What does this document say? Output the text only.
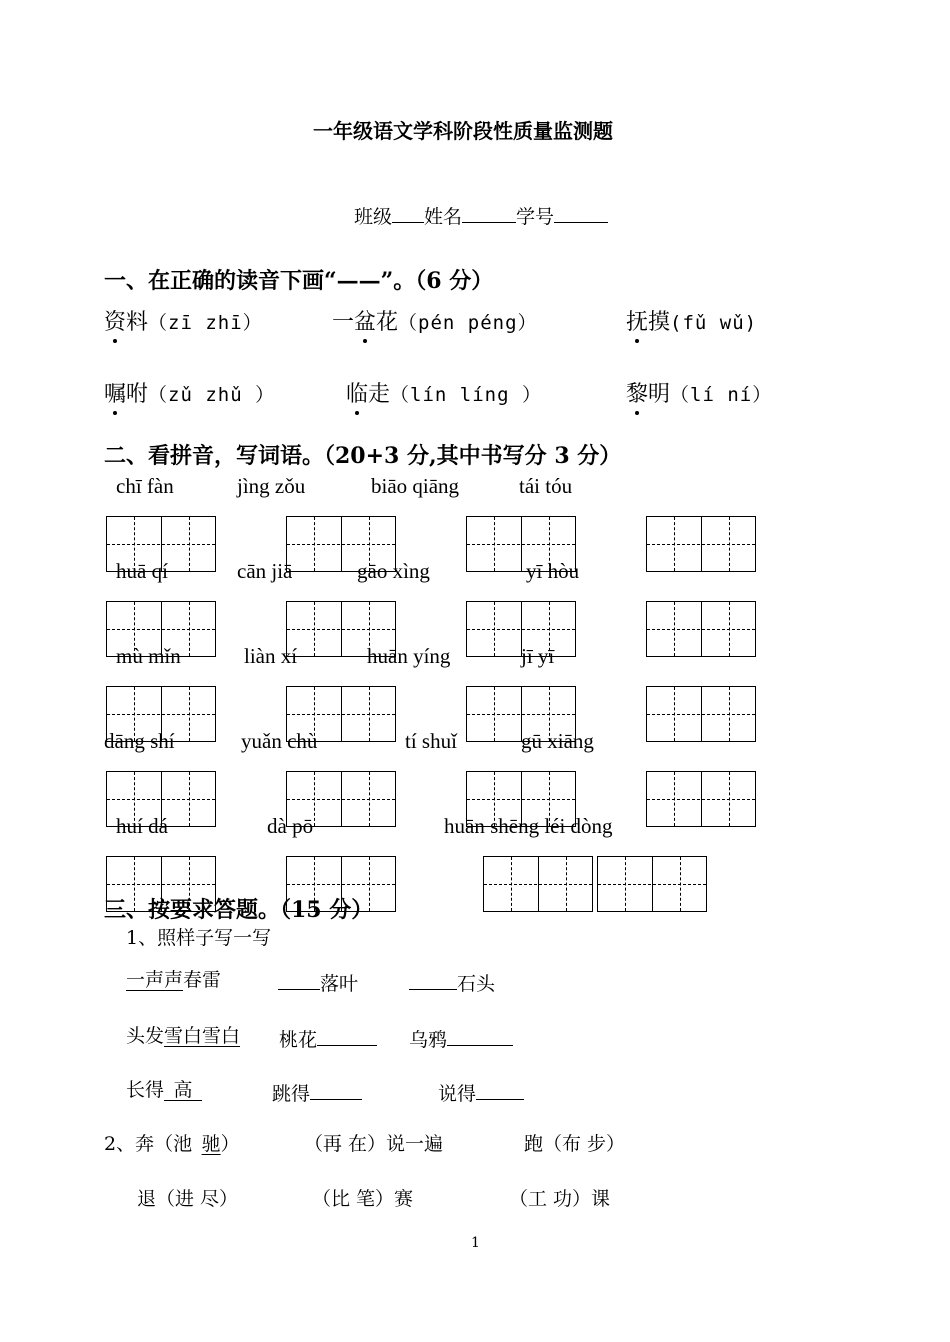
一年级语文学科阶段性质量监测题
班级 姓名	学号
一、在正确的读音下画“——”。（6 分）
资料（zī zhī）	一盆花（pén péng）	抚摸(fǔ wǔ)
嘱咐（zǔ zhǔ ）	临走（lín líng ）	黎明（lí ní）
二、看拼音，写词语。（20+3 分,其中书写分 3 分）
chī fàn	jìng zǒu	biāo qiāng	tái tóu
huā qí	cān jiā	gāo xìng	yī hòu
mù mǐn	liàn xí	huān yíng	jī yī
dāng shí	yuǎn chù	tí shuǐ	gū xiāng
huí dá	dà pō	huān shēng léi dòng
三、按要求答题。（15 分）
1、照样子写一写
一声声春雷	落叶	石头
头发雪白雪白 桃花	乌鸦
长得  高 	跳得	说得
2、奔（池  驰）	（再 在）说一遍	跑（布 步）
退（进 尽）	（比 笔）赛	（工 功）课
1
